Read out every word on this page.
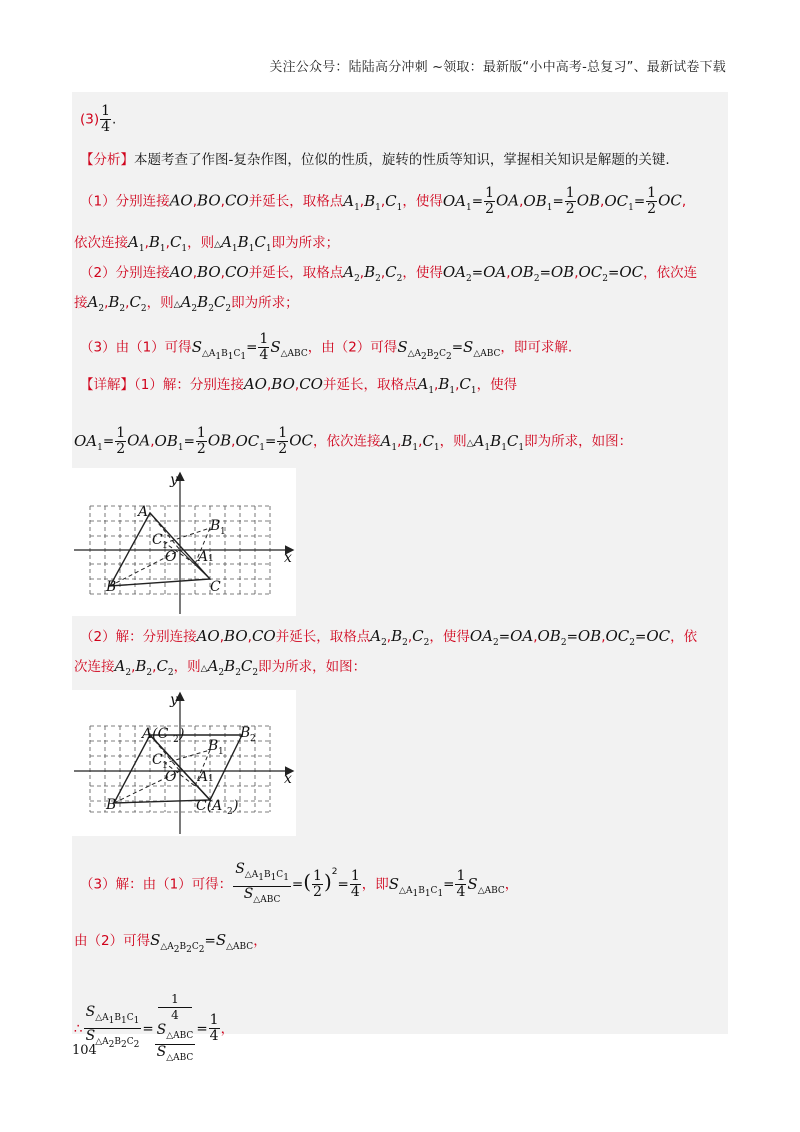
关注公众号：陆陆高分冲刺 ~领取：最新版“小中高考-总复习”、最新试卷下载
$(3) \frac{1}{4}$ .
【分析】本题考查了作图-复杂作图，位似的性质，旋转的性质等知识，掌握相关知识是解题的关键.
（1）分别连接AO,BO,CO并延长，取格点$A_1,B_1,C_1$，使得$OA_1= \frac{1}{2} OA,OB_1= \frac{1}{2} OB,OC_1= \frac{1}{2}$ OC,
依次连接$A_1,B_1,C_1$，则$\triangle A_1B_1C_1$即为所求；
（2）分别连接AO,BO,CO并延长，取格点$A_2,B_2,C_2$，使得$OA_2=OA,OB_2=OB,OC_2=OC$，依次连
接$A_2,B_2,C_2$，则$\triangle A_2B_2C_2$即为所求；
（3）由（1）可得$S_{\triangle A_1B_1C_1}= \frac{1}{4} S_{\triangle ABC}$，由（2）可得$S_{\triangle A_2B_2C_2}=S_{\triangle ABC}$，即可求解.
【详解】（1）解：分别连接AO,BO,CO并延长，取格点$A_1,B_1,C_1$，使得
$OA_1= \frac{1}{2} OA,OB_1= \frac{1}{2} OB,OC_1= \frac{1}{2}$ OC，依次连接$A_1,B_1,C_1$，则$\triangle A_1B_1C_1$即为所求，如图：
A
B	C
O A 1
B 1
C 1
x
y
（2）解：分别连接AO,BO,CO并延长，取格点$A_2,B_2,C_2$，使得$OA_2=OA,OB_2=OB,OC_2=OC$，依
次连接$A_2,B_2,C_2$，则$\triangle A_2B_2C_2$即为所求，如图：
A(C 2 )
B	C(A 2 )
O A 1
B 1
C 1
B 2
x
y
（3）解：由（1）可得： $\frac{S_{\triangle A_1B_1C_1}}{S_{\triangle ABC}}$ =( $\frac{1}{2} )^2= \frac{1}{4}$ ，即$S_{\triangle A_1B_1C_1}= \frac{1}{4} S_{\triangle ABC}$，
由（2）可得$S_{\triangle A_2B_2C_2}=S_{\triangle ABC}$，
∴ $\frac{S_{\triangle A_1B_1C_1}}{S_{\triangle A_2B_2C_2}} = 1$
4
$S_{\triangle ABC}$
$S_{\triangle ABC} = \frac{1}{4}$ ，
104
